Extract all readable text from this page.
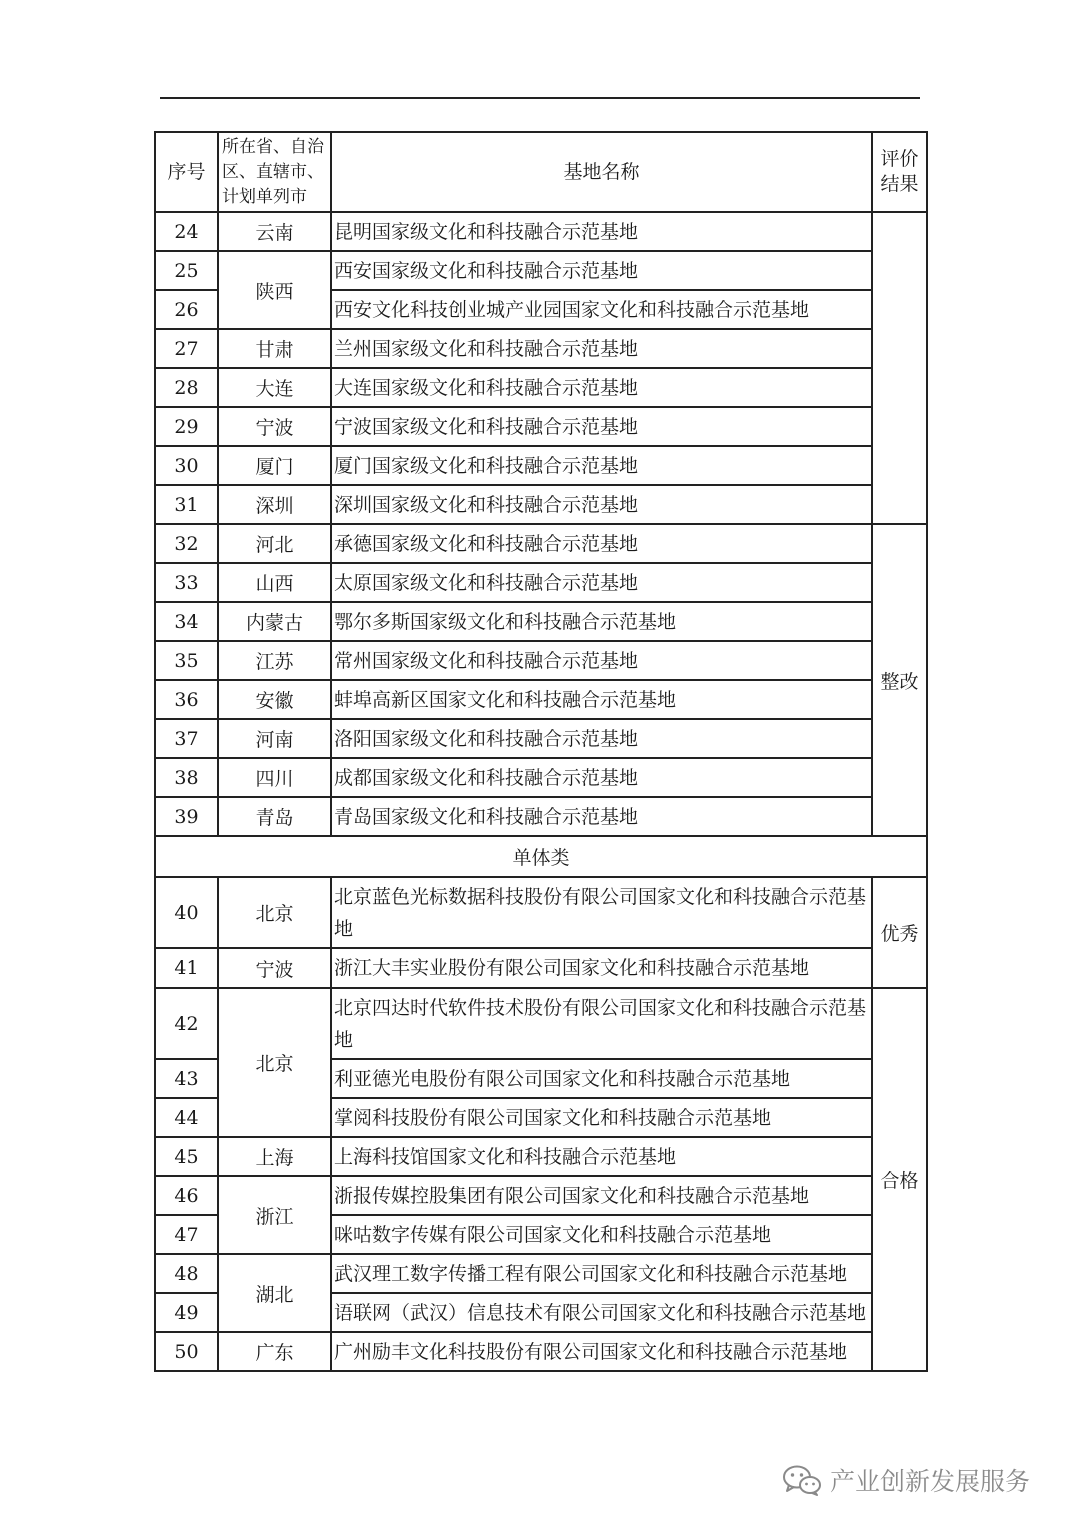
序号	所在省、自治区、直辖市、计划单列市	基地名称	评价结果
24	云南	昆明国家级文化和科技融合示范基地	
25	陕西	西安国家级文化和科技融合示范基地	
26		西安文化科技创业城产业园国家文化和科技融合示范基地	
27	甘肃	兰州国家级文化和科技融合示范基地	
28	大连	大连国家级文化和科技融合示范基地	
29	宁波	宁波国家级文化和科技融合示范基地	
30	厦门	厦门国家级文化和科技融合示范基地	
31	深圳	深圳国家级文化和科技融合示范基地	
32	河北	承德国家级文化和科技融合示范基地	整改
33	山西	太原国家级文化和科技融合示范基地	
34	内蒙古	鄂尔多斯国家级文化和科技融合示范基地	
35	江苏	常州国家级文化和科技融合示范基地	
36	安徽	蚌埠高新区国家文化和科技融合示范基地	
37	河南	洛阳国家级文化和科技融合示范基地	
38	四川	成都国家级文化和科技融合示范基地	
39	青岛	青岛国家级文化和科技融合示范基地	
单体类			
40	北京	北京蓝色光标数据科技股份有限公司国家文化和科技融合示范基地	优秀
41	宁波	浙江大丰实业股份有限公司国家文化和科技融合示范基地	
42	北京	北京四达时代软件技术股份有限公司国家文化和科技融合示范基地	合格
43		利亚德光电股份有限公司国家文化和科技融合示范基地	
44		掌阅科技股份有限公司国家文化和科技融合示范基地	
45	上海	上海科技馆国家文化和科技融合示范基地	
46	浙江	浙报传媒控股集团有限公司国家文化和科技融合示范基地	
47		咪咕数字传媒有限公司国家文化和科技融合示范基地	
48	湖北	武汉理工数字传播工程有限公司国家文化和科技融合示范基地	
49		语联网（武汉）信息技术有限公司国家文化和科技融合示范基地	
50	广东	广州励丰文化科技股份有限公司国家文化和科技融合示范基地	
产业创新发展服务
